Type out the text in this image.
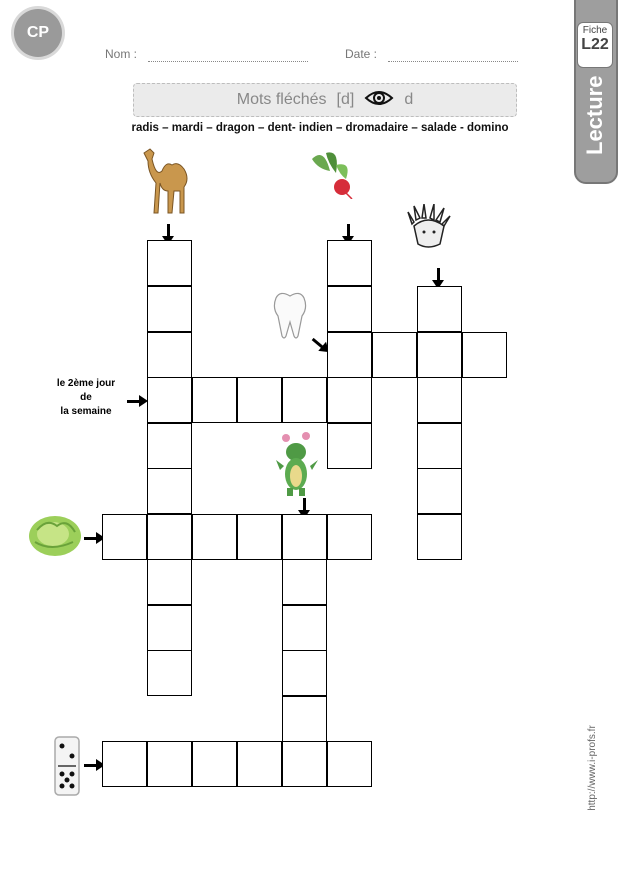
CP
Nom :	Date :
Fiche
L22
Lecture
Mots fléchés [d]	d
radis – mardi – dragon – dent- indien – dromadaire – salade - domino
le 2ème jour
de
la semaine
http://www.i-profs.fr
